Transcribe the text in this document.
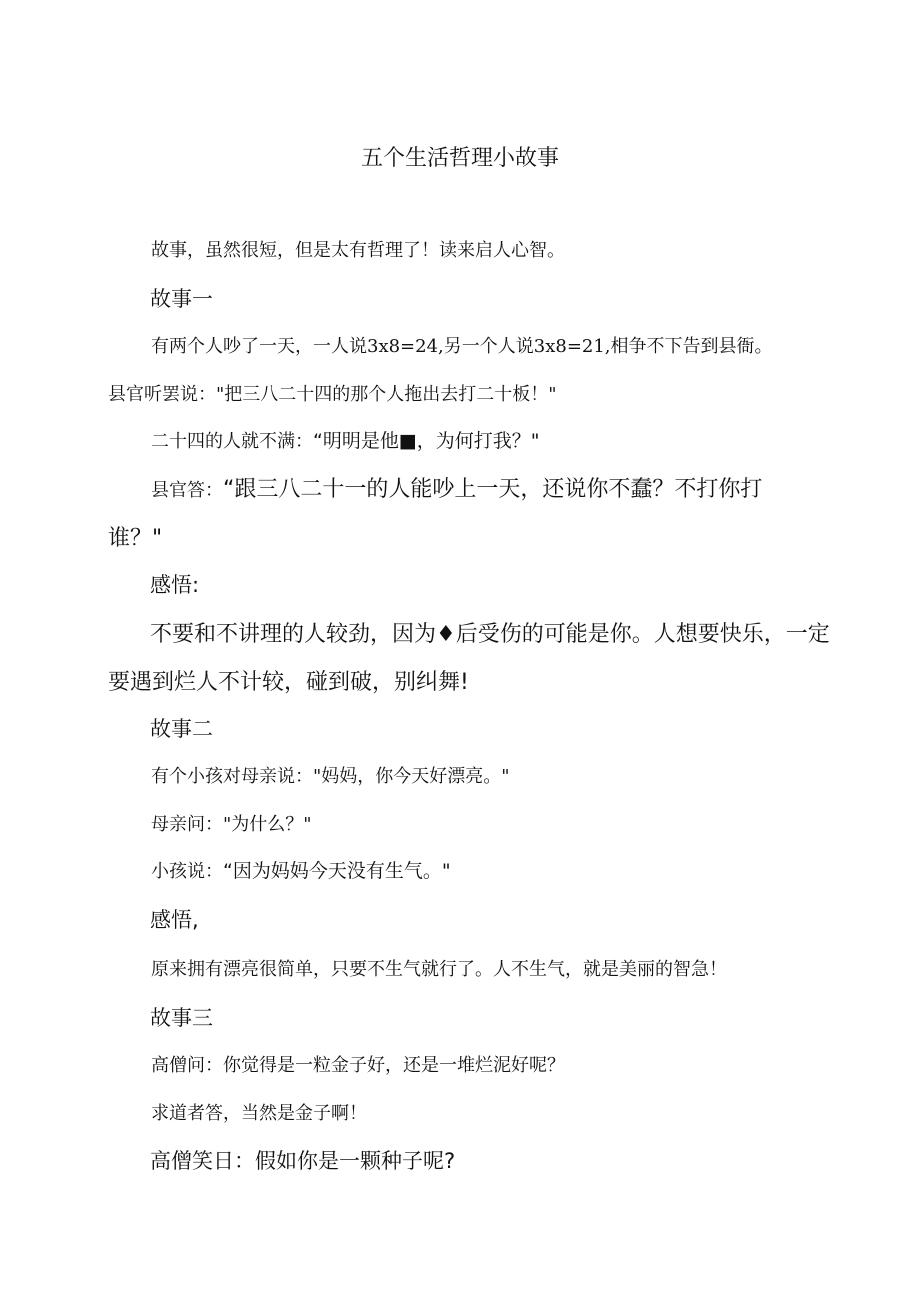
五个生活哲理小故事

故事，虽然很短，但是太有哲理了！读来启人心智。

故事一

有两个人吵了一天，一人说3x8=24,另一个人说3x8=21,相争不下告到县衙。

县官听罢说："把三八二十四的那个人拖出去打二十板！"

二十四的人就不满：“明明是他■，为何打我？"

县官答：“跟三八二十一的人能吵上一天，还说你不蠢？不打你打

谁？"

感悟:

不要和不讲理的人较劲，因为♦后受伤的可能是你。人想要快乐，一定

要遇到烂人不计较，碰到破，别纠舞!

故事二

有个小孩对母亲说："妈妈，你今天好漂亮。"

母亲问："为什么？"

小孩说：“因为妈妈今天没有生气。"

感悟,

原来拥有漂亮很简单，只要不生气就行了。人不生气，就是美丽的智急！

故事三

高僧问：你觉得是一粒金子好，还是一堆烂泥好呢？

求道者答，当然是金子啊！

高僧笑日：假如你是一颗种子呢?
